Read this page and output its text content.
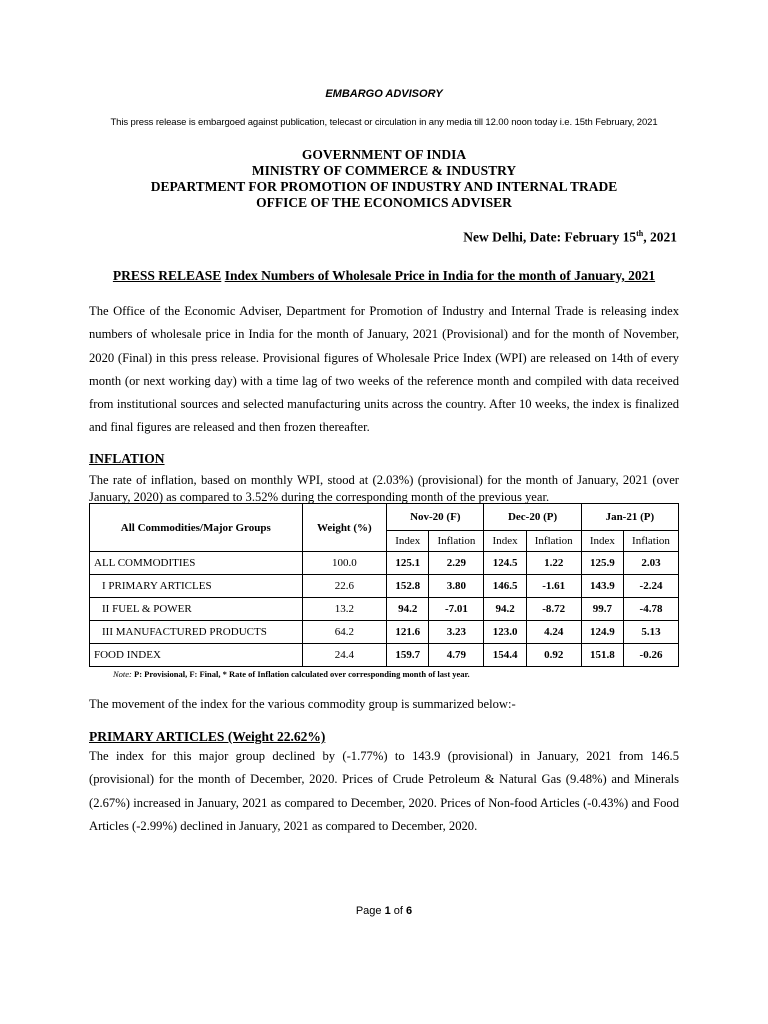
EMBARGO ADVISORY
This press release is embargoed against publication, telecast or circulation in any media till 12.00 noon today i.e. 15th February, 2021
GOVERNMENT OF INDIA
MINISTRY OF COMMERCE & INDUSTRY
DEPARTMENT FOR PROMOTION OF INDUSTRY AND INTERNAL TRADE
OFFICE OF THE ECONOMICS ADVISER
New Delhi, Date: February 15th, 2021
PRESS RELEASE Index Numbers of Wholesale Price in India for the month of January, 2021

The Office of the Economic Adviser, Department for Promotion of Industry and Internal Trade is releasing index numbers of wholesale price in India for the month of January, 2021 (Provisional) and for the month of November, 2020 (Final) in this press release. Provisional figures of Wholesale Price Index (WPI) are released on 14th of every month (or next working day) with a time lag of two weeks of the reference month and compiled with data received from institutional sources and selected manufacturing units across the country. After 10 weeks, the index is finalized and final figures are released and then frozen thereafter.

INFLATION

The rate of inflation, based on monthly WPI, stood at (2.03%) (provisional) for the month of January, 2021 (over January, 2020) as compared to 3.52% during the corresponding month of the previous year.

All Commodities/Major Groups	Weight (%)	Nov-20 (F)		Dec-20 (P)		Jan-21 (P)	
		Index	Inflation	Index	Inflation	Index	Inflation
ALL COMMODITIES	100.0	125.1	2.29	124.5	1.22	125.9	2.03
I PRIMARY ARTICLES	22.6	152.8	3.80	146.5	-1.61	143.9	-2.24
II FUEL & POWER	13.2	94.2	-7.01	94.2	-8.72	99.7	-4.78
III MANUFACTURED PRODUCTS	64.2	121.6	3.23	123.0	4.24	124.9	5.13
FOOD INDEX	24.4	159.7	4.79	154.4	0.92	151.8	-0.26
Note: P: Provisional, F: Final, * Rate of Inflation calculated over corresponding month of last year.
The movement of the index for the various commodity group is summarized below:-
PRIMARY ARTICLES (Weight 22.62%)

The index for this major group declined by (-1.77%) to 143.9 (provisional) in January, 2021 from 146.5 (provisional) for the month of December, 2020. Prices of Crude Petroleum & Natural Gas (9.48%) and Minerals (2.67%) increased in January, 2021 as compared to December, 2020. Prices of Non-food Articles (-0.43%) and Food Articles (-2.99%) declined in January, 2021 as compared to December, 2020.

Page 1 of 6
